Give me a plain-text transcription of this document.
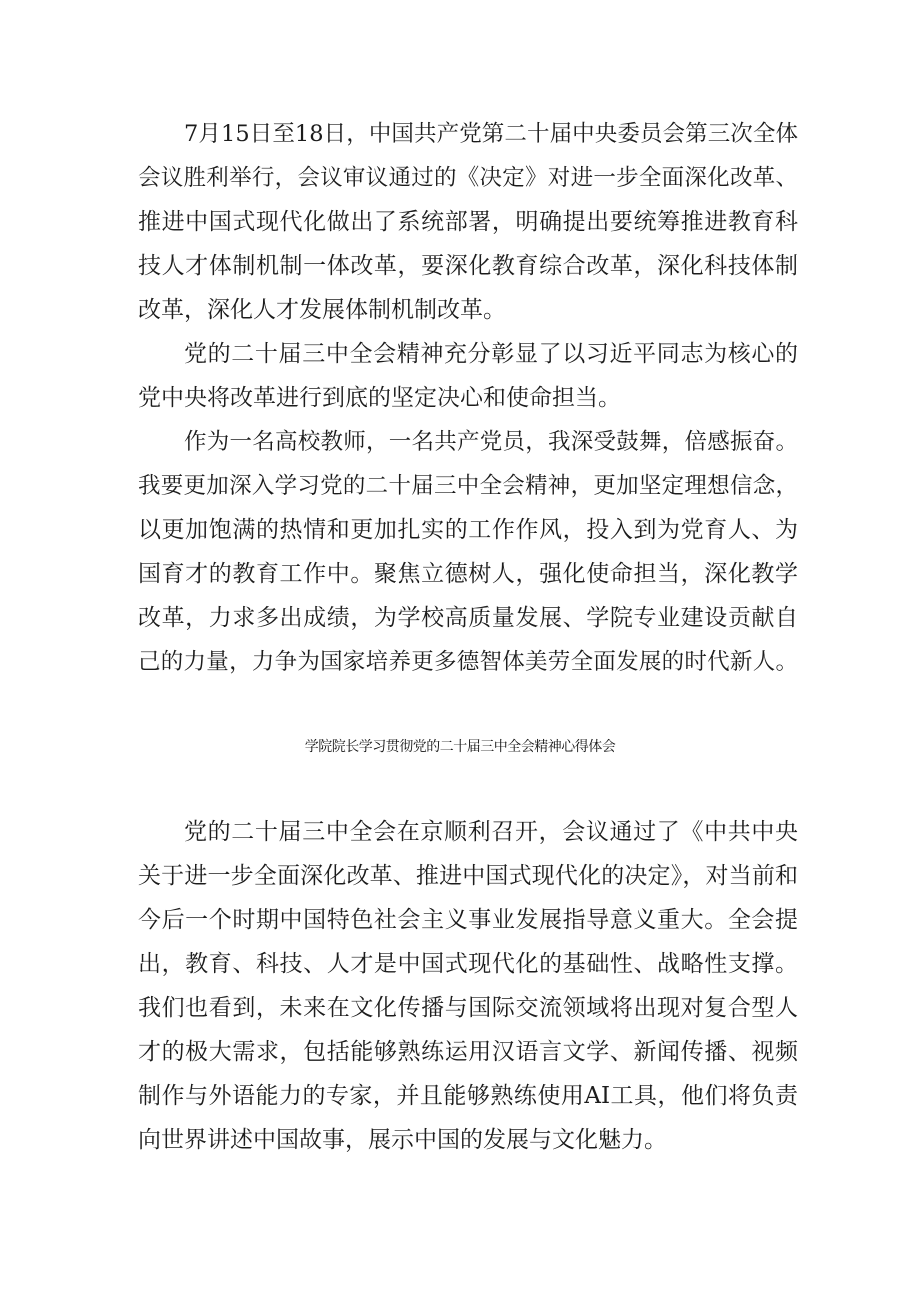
7月15日至18日，中国共产党第二十届中央委员会第三次全体
会议胜利举行，会议审议通过的《决定》对进一步全面深化改革、
推进中国式现代化做出了系统部署，明确提出要统筹推进教育科
技人才体制机制一体改革，要深化教育综合改革，深化科技体制
改革，深化人才发展体制机制改革。
党的二十届三中全会精神充分彰显了以习近平同志为核心的
党中央将改革进行到底的坚定决心和使命担当。
作为一名高校教师，一名共产党员，我深受鼓舞，倍感振奋。
我要更加深入学习党的二十届三中全会精神，更加坚定理想信念，
以更加饱满的热情和更加扎实的工作作风，投入到为党育人、为
国育才的教育工作中。聚焦立德树人，强化使命担当，深化教学
改革，力求多出成绩，为学校高质量发展、学院专业建设贡献自
己的力量，力争为国家培养更多德智体美劳全面发展的时代新人。
学院院长学习贯彻党的二十届三中全会精神心得体会
党的二十届三中全会在京顺利召开，会议通过了《中共中央
关于进一步全面深化改革、推进中国式现代化的决定》，对当前和
今后一个时期中国特色社会主义事业发展指导意义重大。全会提
出，教育、科技、人才是中国式现代化的基础性、战略性支撑。
我们也看到，未来在文化传播与国际交流领域将出现对复合型人
才的极大需求，包括能够熟练运用汉语言文学、新闻传播、视频
制作与外语能力的专家，并且能够熟练使用AI工具，他们将负责
向世界讲述中国故事，展示中国的发展与文化魅力。
